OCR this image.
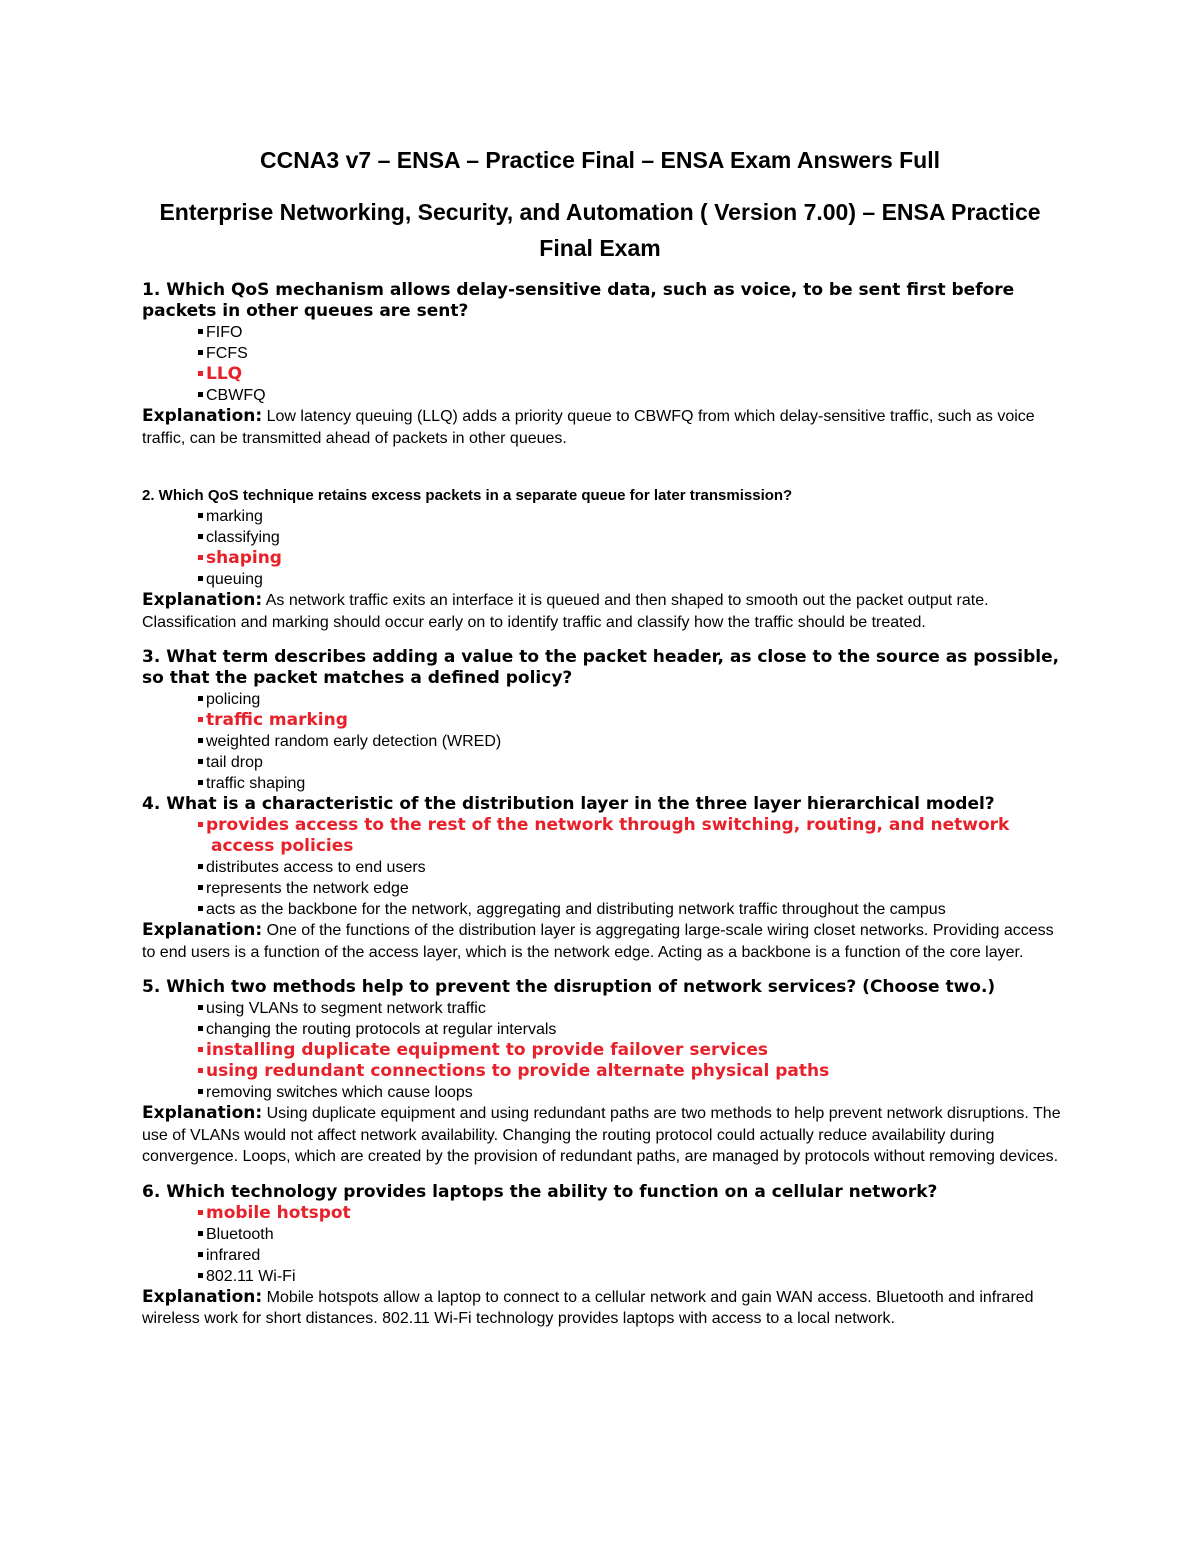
CCNA3 v7 – ENSA – Practice Final – ENSA Exam Answers Full
Enterprise Networking, Security, and Automation ( Version 7.00) – ENSA Practice Final Exam

1. Which QoS mechanism allows delay-sensitive data, such as voice, to be sent first before packets in other queues are sent?

FIFO
FCFS
LLQ
CBWFQ

Explanation: Low latency queuing (LLQ) adds a priority queue to CBWFQ from which delay-sensitive traffic, such as voice traffic, can be transmitted ahead of packets in other queues.

2. Which QoS technique retains excess packets in a separate queue for later transmission?

marking
classifying
shaping
queuing

Explanation: As network traffic exits an interface it is queued and then shaped to smooth out the packet output rate. Classification and marking should occur early on to identify traffic and classify how the traffic should be treated.

3. What term describes adding a value to the packet header, as close to the source as possible, so that the packet matches a defined policy?

policing
traffic marking
weighted random early detection (WRED)
tail drop
traffic shaping

4. What is a characteristic of the distribution layer in the three layer hierarchical model?

provides access to the rest of the network through switching, routing, and network access policies
distributes access to end users
represents the network edge
acts as the backbone for the network, aggregating and distributing network traffic throughout the campus

Explanation: One of the functions of the distribution layer is aggregating large-scale wiring closet networks. Providing access to end users is a function of the access layer, which is the network edge. Acting as a backbone is a function of the core layer.

5. Which two methods help to prevent the disruption of network services? (Choose two.)

using VLANs to segment network traffic
changing the routing protocols at regular intervals
installing duplicate equipment to provide failover services
using redundant connections to provide alternate physical paths
removing switches which cause loops

Explanation: Using duplicate equipment and using redundant paths are two methods to help prevent network disruptions. The use of VLANs would not affect network availability. Changing the routing protocol could actually reduce availability during convergence. Loops, which are created by the provision of redundant paths, are managed by protocols without removing devices.

6. Which technology provides laptops the ability to function on a cellular network?

mobile hotspot
Bluetooth
infrared
802.11 Wi-Fi

Explanation: Mobile hotspots allow a laptop to connect to a cellular network and gain WAN access. Bluetooth and infrared wireless work for short distances. 802.11 Wi-Fi technology provides laptops with access to a local network.
